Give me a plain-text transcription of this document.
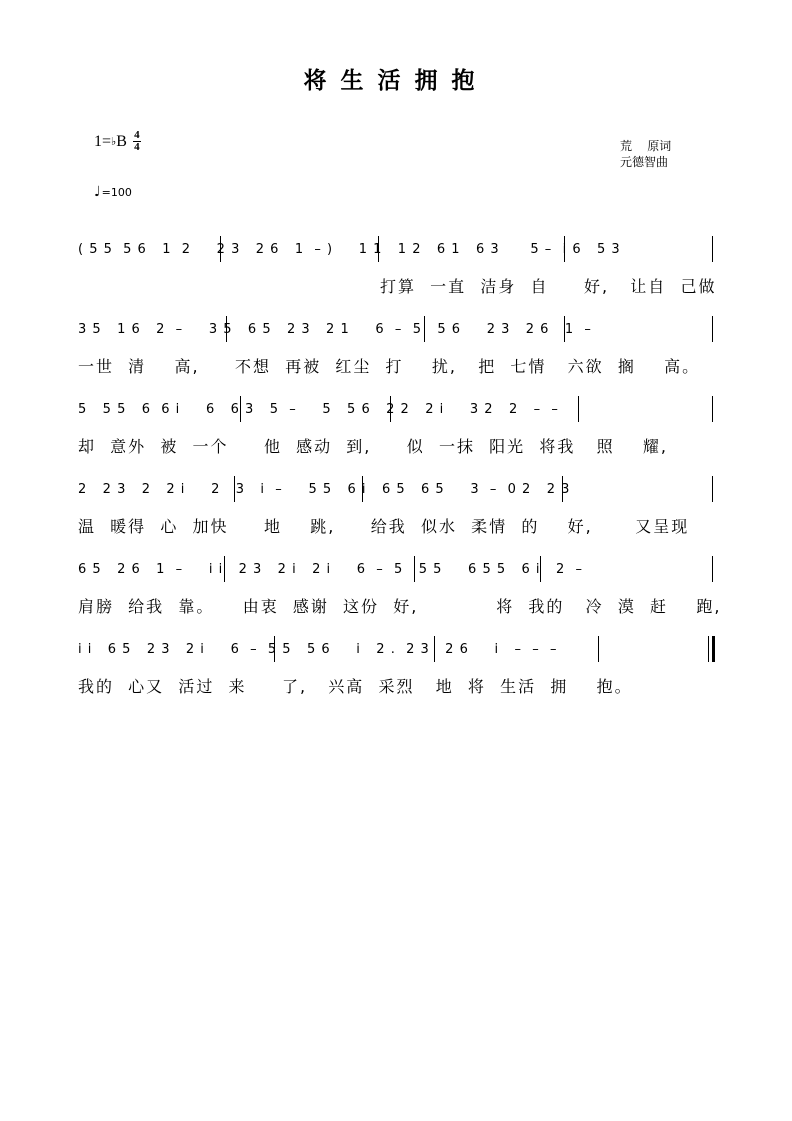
将生活拥抱
1= ♭ B $\frac{4}{4}$
♩=100
荒    原词
元德智曲
( 5 5  5 6   1  2     2 3   2 6   1  – )     1 1   1 2   6 1   6 3      5 –  i 6   5 3
打算  一直  洁身  自     好,   让自  己做
3 5   1 6   2  –     3 5   6 5   2 3   2 1     6  –  5   5 6     2 3   2 6   1  –
一世  清    高,     不想  再被  红尘  打    扰,   把  七情   六欲  搁    高。
5   5 5   6  6 i     6   6 3   5  –     5   5 6   2 2   2 i     3 2   2   –  –
却  意外  被  一个     他  感动  到,     似  一抹  阳光  将我   照    耀,
2   2 3   2   2 i     2   3   i  –     5 5   6 i   6 5   6 5     3  –  0 2   2 3
温  暖得  心  加快     地    跳,     给我  似水  柔情  的    好,      又呈现
6 5   2 6   1  –     i i   2 3   2 i   2 i     6  –  5   5 5     6 5 5   6 i   2  –
肩膀  给我  靠。    由衷  感谢  这份  好,           将  我的   冷  漠  赶    跑,
i i   6 5   2 3   2 i     6  –  5 5   5 6     i   2 .  2 3   2 6     i   –  –  –
我的  心又  活过  来     了,   兴高  采烈   地  将  生活  拥    抱。
